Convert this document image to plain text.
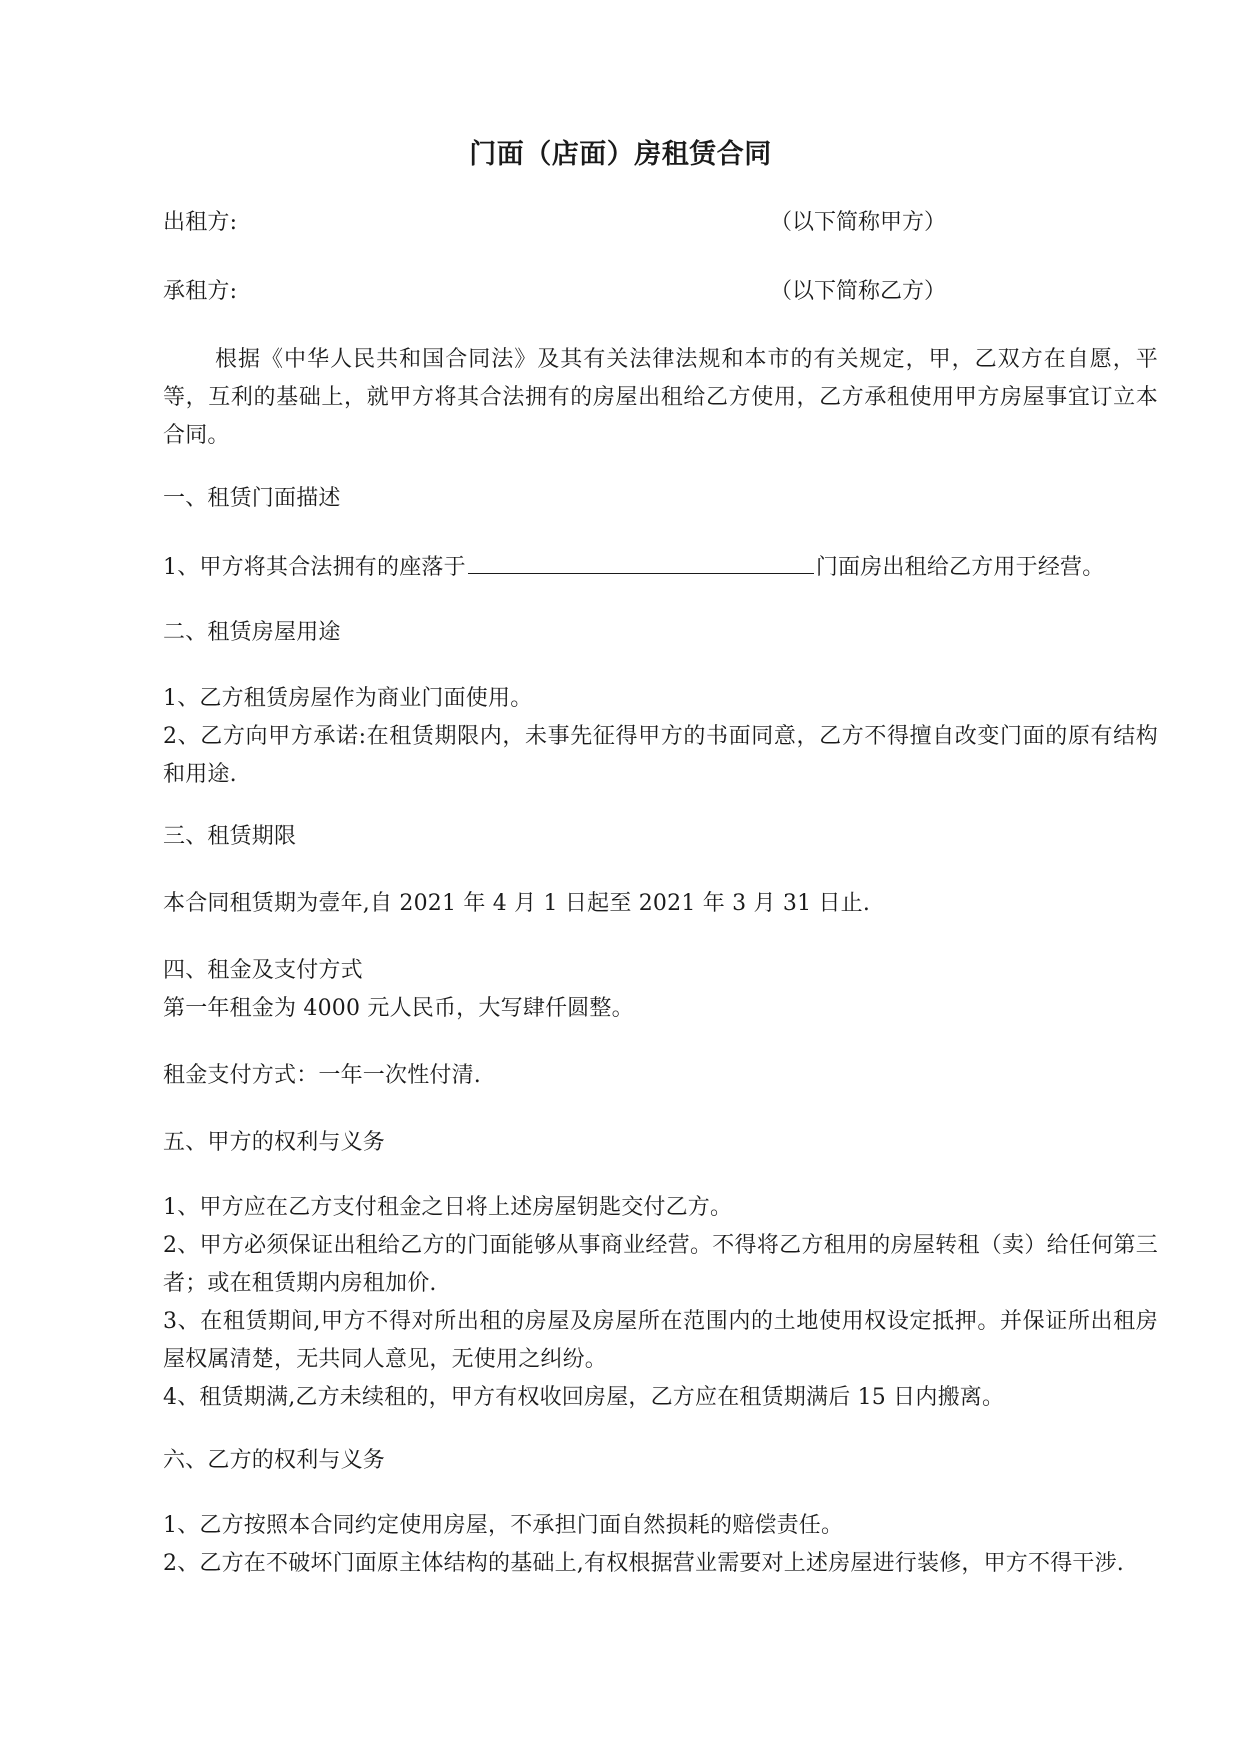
门面（店面）房租赁合同
出租方:	（以下简称甲方）
承租方:	（以下简称乙方）
根据《中华人民共和国合同法》及其有关法律法规和本市的有关规定，甲，乙双方在自愿，平等，互利的基础上，就甲方将其合法拥有的房屋出租给乙方使用，乙方承租使用甲方房屋事宜订立本合同。
一、租赁门面描述
1、甲方将其合法拥有的座落于	门面房出租给乙方用于经营。
二、租赁房屋用途
1、乙方租赁房屋作为商业门面使用。
2、乙方向甲方承诺:在租赁期限内，未事先征得甲方的书面同意，乙方不得擅自改变门面的原有结构和用途.
三、租赁期限
本合同租赁期为壹年,自 2021 年 4 月 1 日起至 2021 年 3 月 31 日止.
四、租金及支付方式
第一年租金为 4000 元人民币，大写肆仟圆整。
租金支付方式：一年一次性付清.
五、甲方的权利与义务
1、甲方应在乙方支付租金之日将上述房屋钥匙交付乙方。
2、甲方必须保证出租给乙方的门面能够从事商业经营。不得将乙方租用的房屋转租（卖）给任何第三者；或在租赁期内房租加价.
3、在租赁期间,甲方不得对所出租的房屋及房屋所在范围内的土地使用权设定抵押。并保证所出租房屋权属清楚，无共同人意见，无使用之纠纷。
4、租赁期满,乙方未续租的，甲方有权收回房屋，乙方应在租赁期满后 15 日内搬离。
六、乙方的权利与义务
1、乙方按照本合同约定使用房屋，不承担门面自然损耗的赔偿责任。
2、乙方在不破坏门面原主体结构的基础上,有权根据营业需要对上述房屋进行装修，甲方不得干涉.
